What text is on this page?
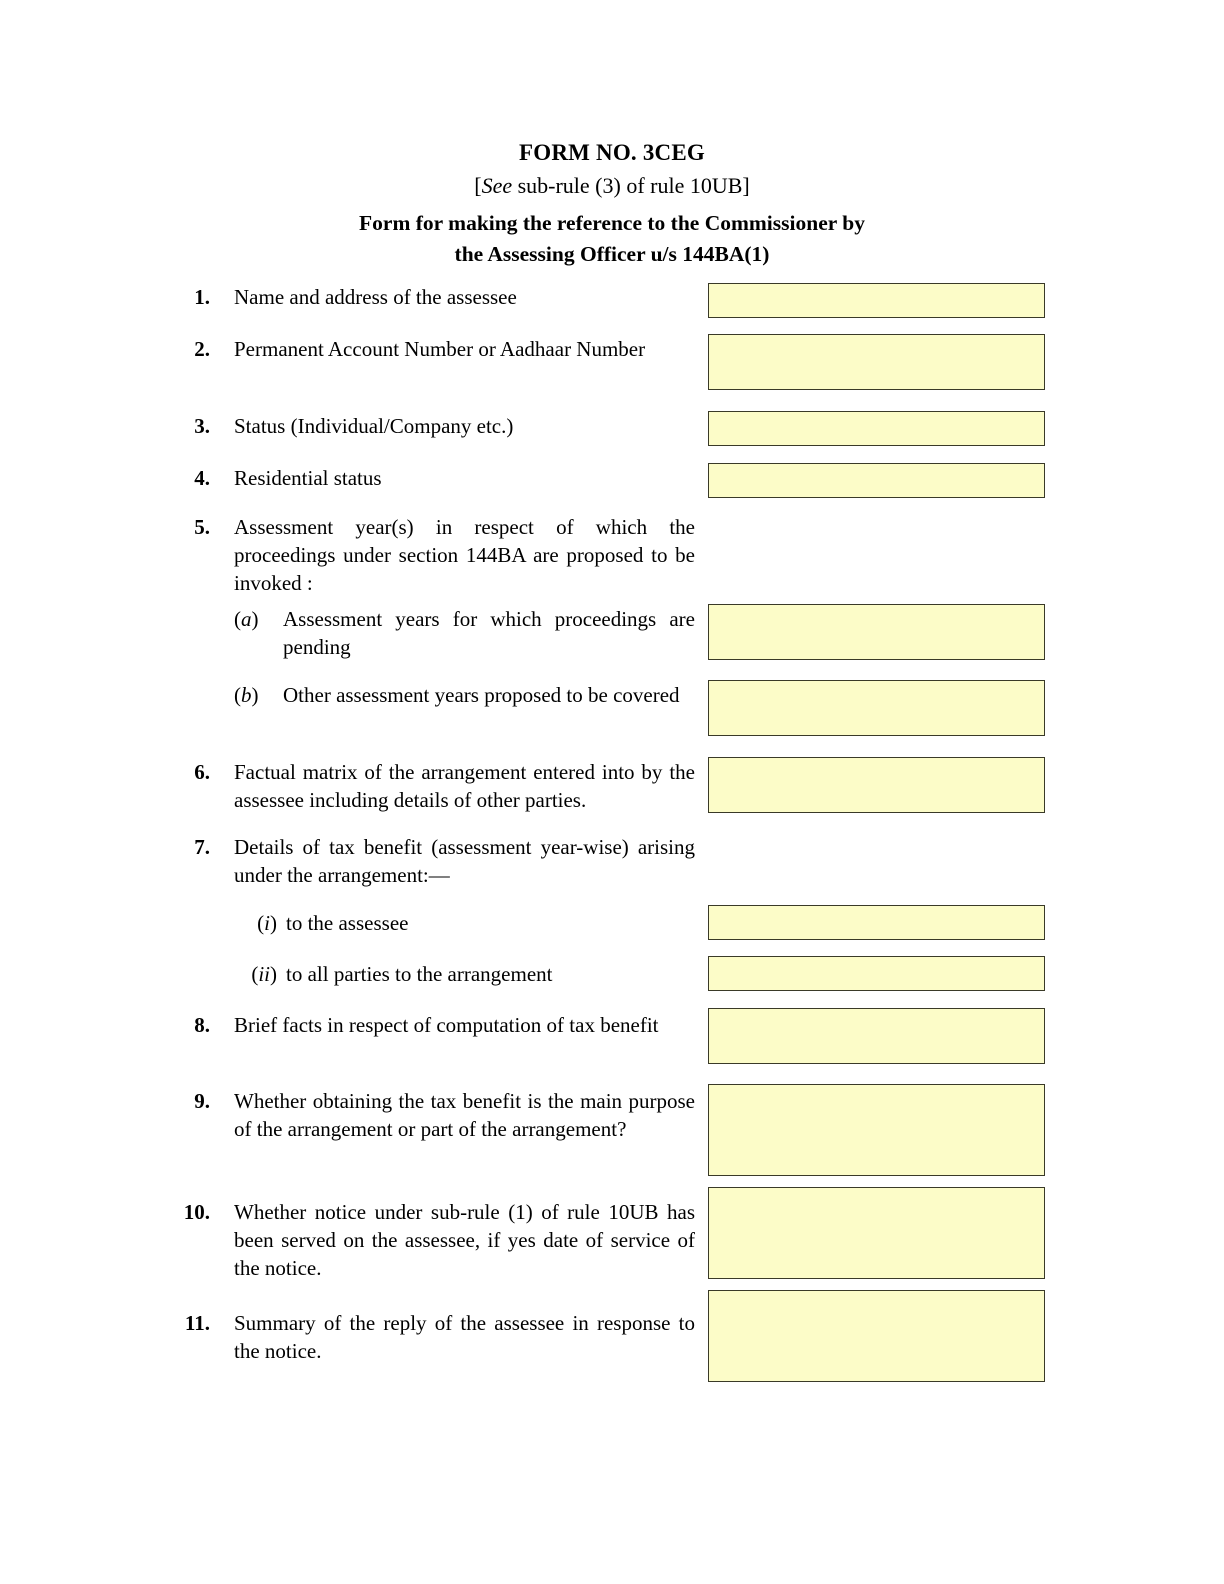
FORM NO. 3CEG
[See sub-rule (3) of rule 10UB]
Form for making the reference to the Commissioner by
the Assessing Officer u/s 144BA(1)
1. Name and address of the assessee
2. Permanent Account Number or Aadhaar Number
3. Status (Individual/Company etc.)
4. Residential status
5. Assessment year(s) in respect of which the proceedings under section 144BA are proposed to be invoked :
(a)	Assessment years for which proceedings are pending
(b)	Other assessment years proposed to be covered
6. Factual matrix of the arrangement entered into by the assessee including details of other parties.
7. Details of tax benefit (assessment year-wise) arising under the arrangement:—
(i) to the assessee
(ii) to all parties to the arrangement
8. Brief facts in respect of computation of tax benefit
9. Whether obtaining the tax benefit is the main purpose of the arrangement or part of the arrangement?
10. Whether notice under sub-rule (1) of rule 10UB has been served on the assessee, if yes date of service of the notice.
11. Summary of the reply of the assessee in response to the notice.
